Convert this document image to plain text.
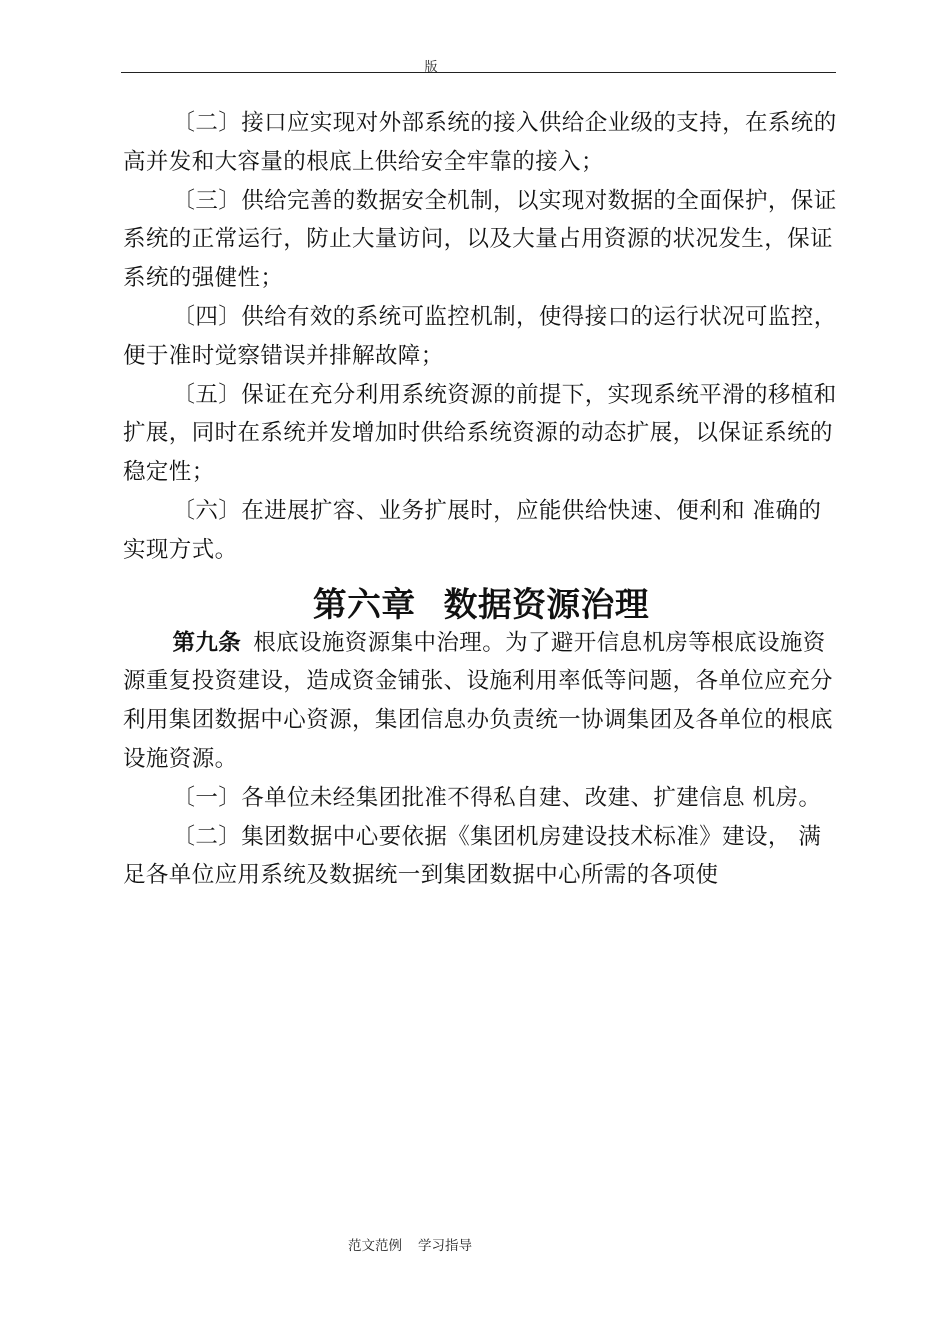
版

〔二〕接口应实现对外部系统的接入供给企业级的支持，在系统的高并发和大容量的根底上供给安全牢靠的接入；

〔三〕供给完善的数据安全机制，以实现对数据的全面保护，保证系统的正常运行，防止大量访问，以及大量占用资源的状况发生，保证系统的强健性；

〔四〕供给有效的系统可监控机制，使得接口的运行状况可监控，便于准时觉察错误并排解故障；

〔五〕保证在充分利用系统资源的前提下，实现系统平滑的移植和扩展，同时在系统并发增加时供给系统资源的动态扩展，以保证系统的稳定性；

〔六〕在进展扩容、业务扩展时，应能供给快速、便利和 准确的实现方式。

第六章 数据资源治理

第九条 根底设施资源集中治理。为了避开信息机房等根底设施资源重复投资建设，造成资金铺张、设施利用率低等问题，各单位应充分利用集团数据中心资源，集团信息办负责统一协调集团及各单位的根底设施资源。

〔一〕各单位未经集团批准不得私自建、改建、扩建信息 机房。

〔二〕集团数据中心要依据《集团机房建设技术标准》建设， 满足各单位应用系统及数据统一到集团数据中心所需的各项使

范文范例 学习指导
